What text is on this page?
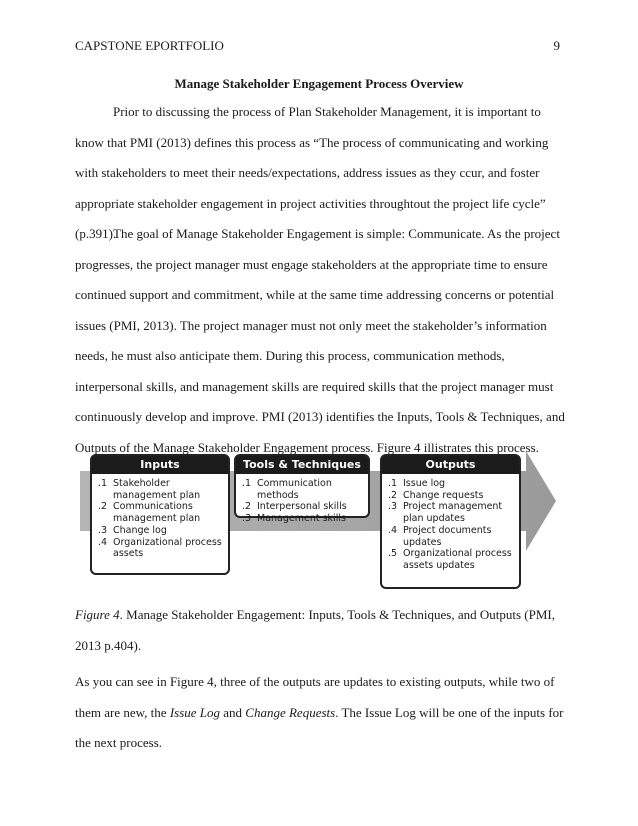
CAPSTONE EPORTFOLIO	9
Manage Stakeholder Engagement Process Overview
Prior to discussing the process of Plan Stakeholder Management, it is important to know that PMI (2013) defines this process as “The process of communicating and working with stakeholders to meet their needs/expectations, address issues as they ccur, and foster appropriate stakeholder engagement in project activities throughtout the project life cycle” (p.391).
The goal of Manage Stakeholder Engagement is simple: Communicate. As the project progresses, the project manager must engage stakeholders at the appropriate time to ensure continued support and commitment, while at the same time addressing concerns or potential issues (PMI, 2013). The project manager must not only meet the stakeholder’s information needs, he must also anticipate them. During this process, communication methods, interpersonal skills, and management skills are required skills that the project manager must continuously develop and improve. PMI (2013) identifies the Inputs, Tools & Techniques, and Outputs of the Manage Stakeholder Engagement process. Figure 4 illistrates this process.
Inputs
.1 Stakeholder management plan
.2 Communications management plan
.3 Change log
.4 Organizational process assets
Tools & Techniques
.1 Communication methods
.2 Interpersonal skills
.3 Management skills
Outputs
.1 Issue log
.2 Change requests
.3 Project management plan updates
.4 Project documents updates
.5 Organizational process assets updates
Figure 4. Manage Stakeholder Engagement: Inputs, Tools & Techniques, and Outputs (PMI, 2013 p.404).
As you can see in Figure 4, three of the outputs are updates to existing outputs, while two of them are new, the Issue Log and Change Requests. The Issue Log will be one of the inputs for the next process.
